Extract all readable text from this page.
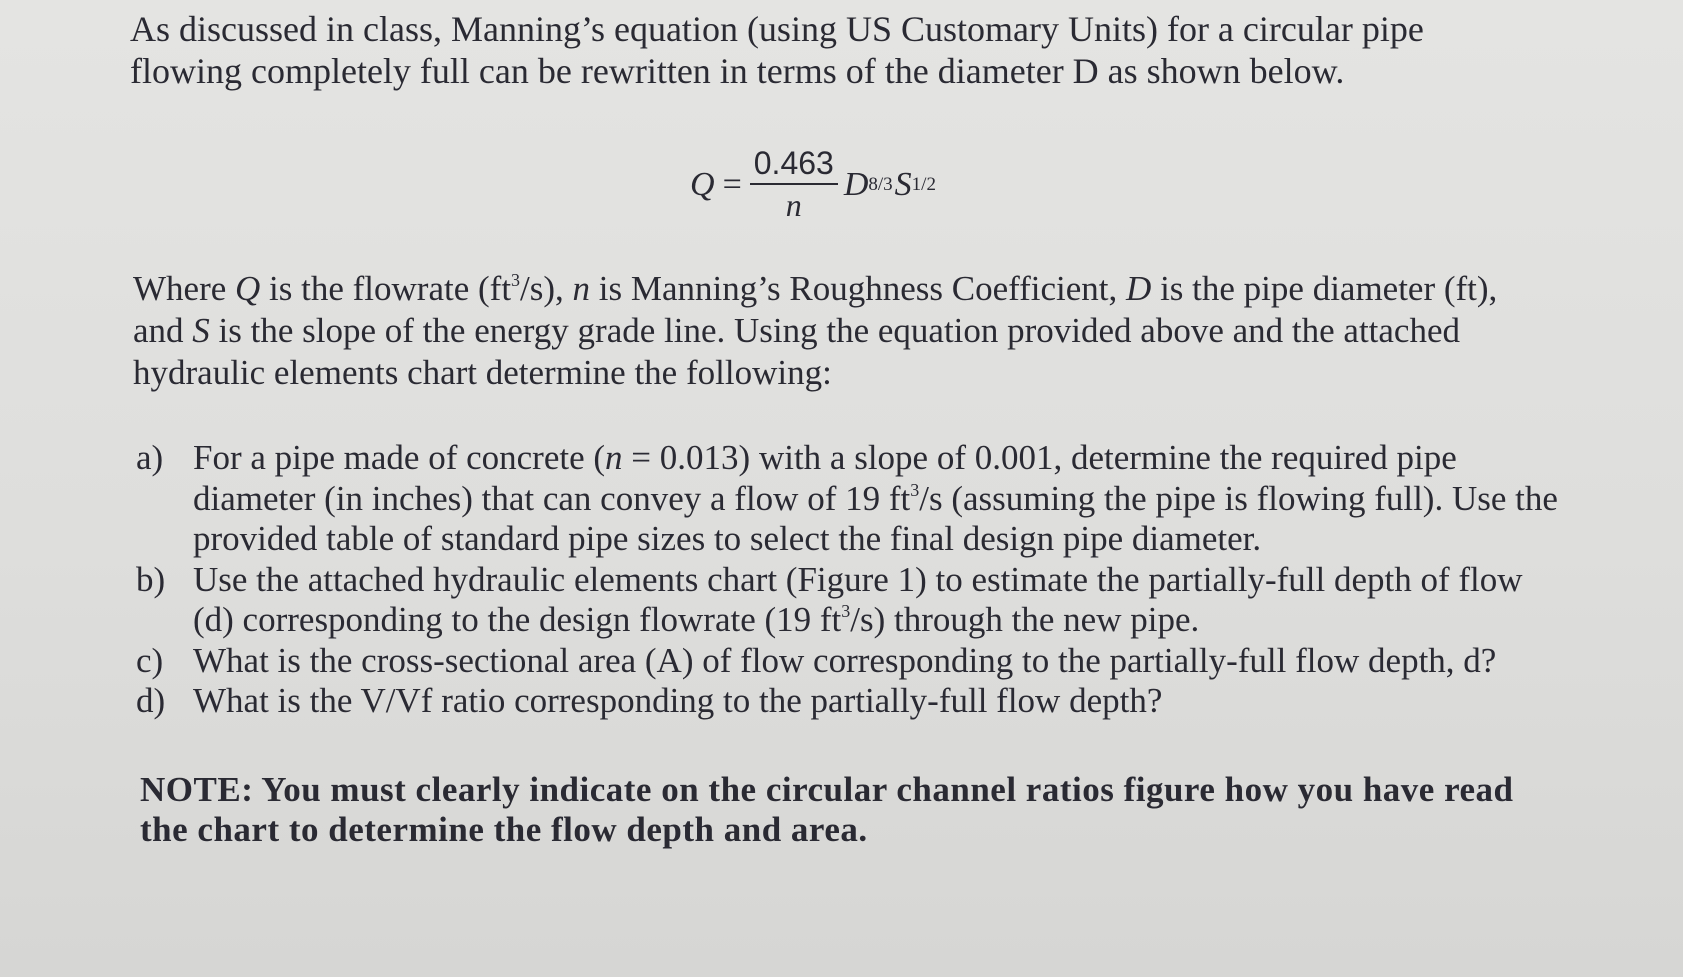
As discussed in class, Manning’s equation (using US Customary Units) for a circular pipe
flowing completely full can be rewritten in terms of the diameter D as shown below.

$Q = \frac{0.463}{n}$ D 8/3 S 1/2

Where Q is the flowrate $(ft^3/s)$, n is Manning’s Roughness Coefficient, D is the pipe diameter (ft), and S is the slope of the energy grade line. Using the equation provided above and the attached hydraulic elements chart determine the following:

a) For a pipe made of concrete (n = 0.013) with a slope of 0.001, determine the required pipe diameter (in inches) that can convey a flow of 19 $ft^3/s$ (assuming the pipe is flowing full). Use the provided table of standard pipe sizes to select the final design pipe diameter.
b) Use the attached hydraulic elements chart (Figure 1) to estimate the partially-full depth of flow (d) corresponding to the design flowrate (19 $ft^3/s$) through the new pipe.
c) What is the cross-sectional area (A) of flow corresponding to the partially-full flow depth, d?
d) What is the V/Vf ratio corresponding to the partially-full flow depth?

NOTE: You must clearly indicate on the circular channel ratios figure how you have read
the chart to determine the flow depth and area.
